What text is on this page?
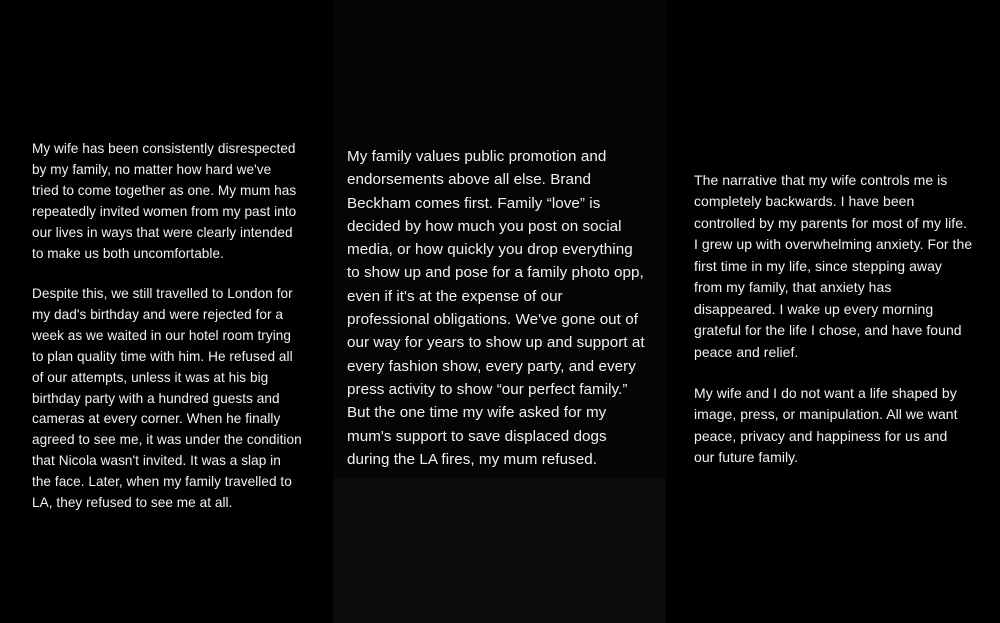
My wife has been consistently disrespected
by my family, no matter how hard we've
tried to come together as one. My mum has
repeatedly invited women from my past into
our lives in ways that were clearly intended
to make us both uncomfortable.

Despite this, we still travelled to London for
my dad's birthday and were rejected for a
week as we waited in our hotel room trying
to plan quality time with him. He refused all
of our attempts, unless it was at his big
birthday party with a hundred guests and
cameras at every corner. When he finally
agreed to see me, it was under the condition
that Nicola wasn't invited. It was a slap in
the face. Later, when my family travelled to
LA, they refused to see me at all.

My family values public promotion and
endorsements above all else. Brand
Beckham comes first. Family “love” is
decided by how much you post on social
media, or how quickly you drop everything
to show up and pose for a family photo opp,
even if it's at the expense of our
professional obligations. We've gone out of
our way for years to show up and support at
every fashion show, every party, and every
press activity to show “our perfect family.”
But the one time my wife asked for my
mum's support to save displaced dogs
during the LA fires, my mum refused.

The narrative that my wife controls me is
completely backwards. I have been
controlled by my parents for most of my life.
I grew up with overwhelming anxiety. For the
first time in my life, since stepping away
from my family, that anxiety has
disappeared. I wake up every morning
grateful for the life I chose, and have found
peace and relief.

My wife and I do not want a life shaped by
image, press, or manipulation. All we want
peace, privacy and happiness for us and
our future family.
